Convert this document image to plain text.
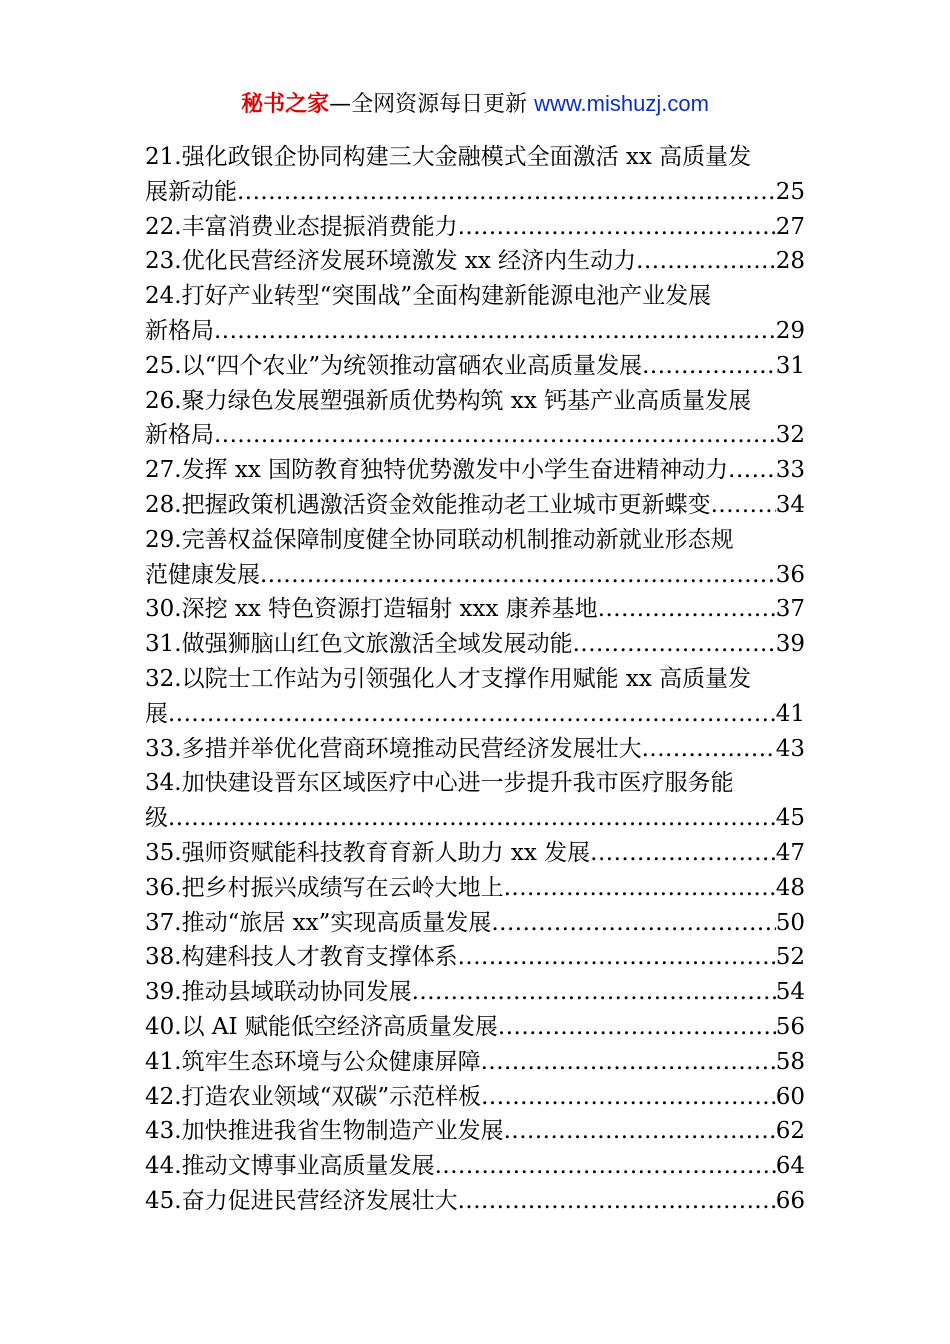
秘书之家—全网资源每日更新 www.mishuzj.com
21.强化政银企协同构建三大金融模式全面激活 xx 高质量发
展新动能 .....	25
22.丰富消费业态提振消费能力 .....	27
23.优化民营经济发展环境激发 xx 经济内生动力 .....	28
24.打好产业转型“突围战”全面构建新能源电池产业发展
新格局 .....	29
25.以“四个农业”为统领推动富硒农业高质量发展 .....	31
26.聚力绿色发展塑强新质优势构筑 xx 钙基产业高质量发展
新格局 .....	32
27.发挥 xx 国防教育独特优势激发中小学生奋进精神动力 ..... 33
28.把握政策机遇激活资金效能推动老工业城市更新蝶变 .....	34
29.完善权益保障制度健全协同联动机制推动新就业形态规
范健康发展 .....	36
30.深挖 xx 特色资源打造辐射 xxx 康养基地 .....	37
31.做强狮脑山红色文旅激活全域发展动能 .....	39
32.以院士工作站为引领强化人才支撑作用赋能 xx 高质量发
展 .....	41
33.多措并举优化营商环境推动民营经济发展壮大 .....	43
34.加快建设晋东区域医疗中心进一步提升我市医疗服务能
级 .....	45
35.强师资赋能科技教育育新人助力 xx 发展 .....	47
36.把乡村振兴成绩写在云岭大地上 .....	48
37.推动“旅居 xx”实现高质量发展 .....	50
38.构建科技人才教育支撑体系 .....	52
39.推动县域联动协同发展 .....	54
40.以 AI 赋能低空经济高质量发展 .....	56
41.筑牢生态环境与公众健康屏障 .....	58
42.打造农业领域“双碳”示范样板 .....	60
43.加快推进我省生物制造产业发展 .....	62
44.推动文博事业高质量发展 .....	64
45.奋力促进民营经济发展壮大 .....	66
